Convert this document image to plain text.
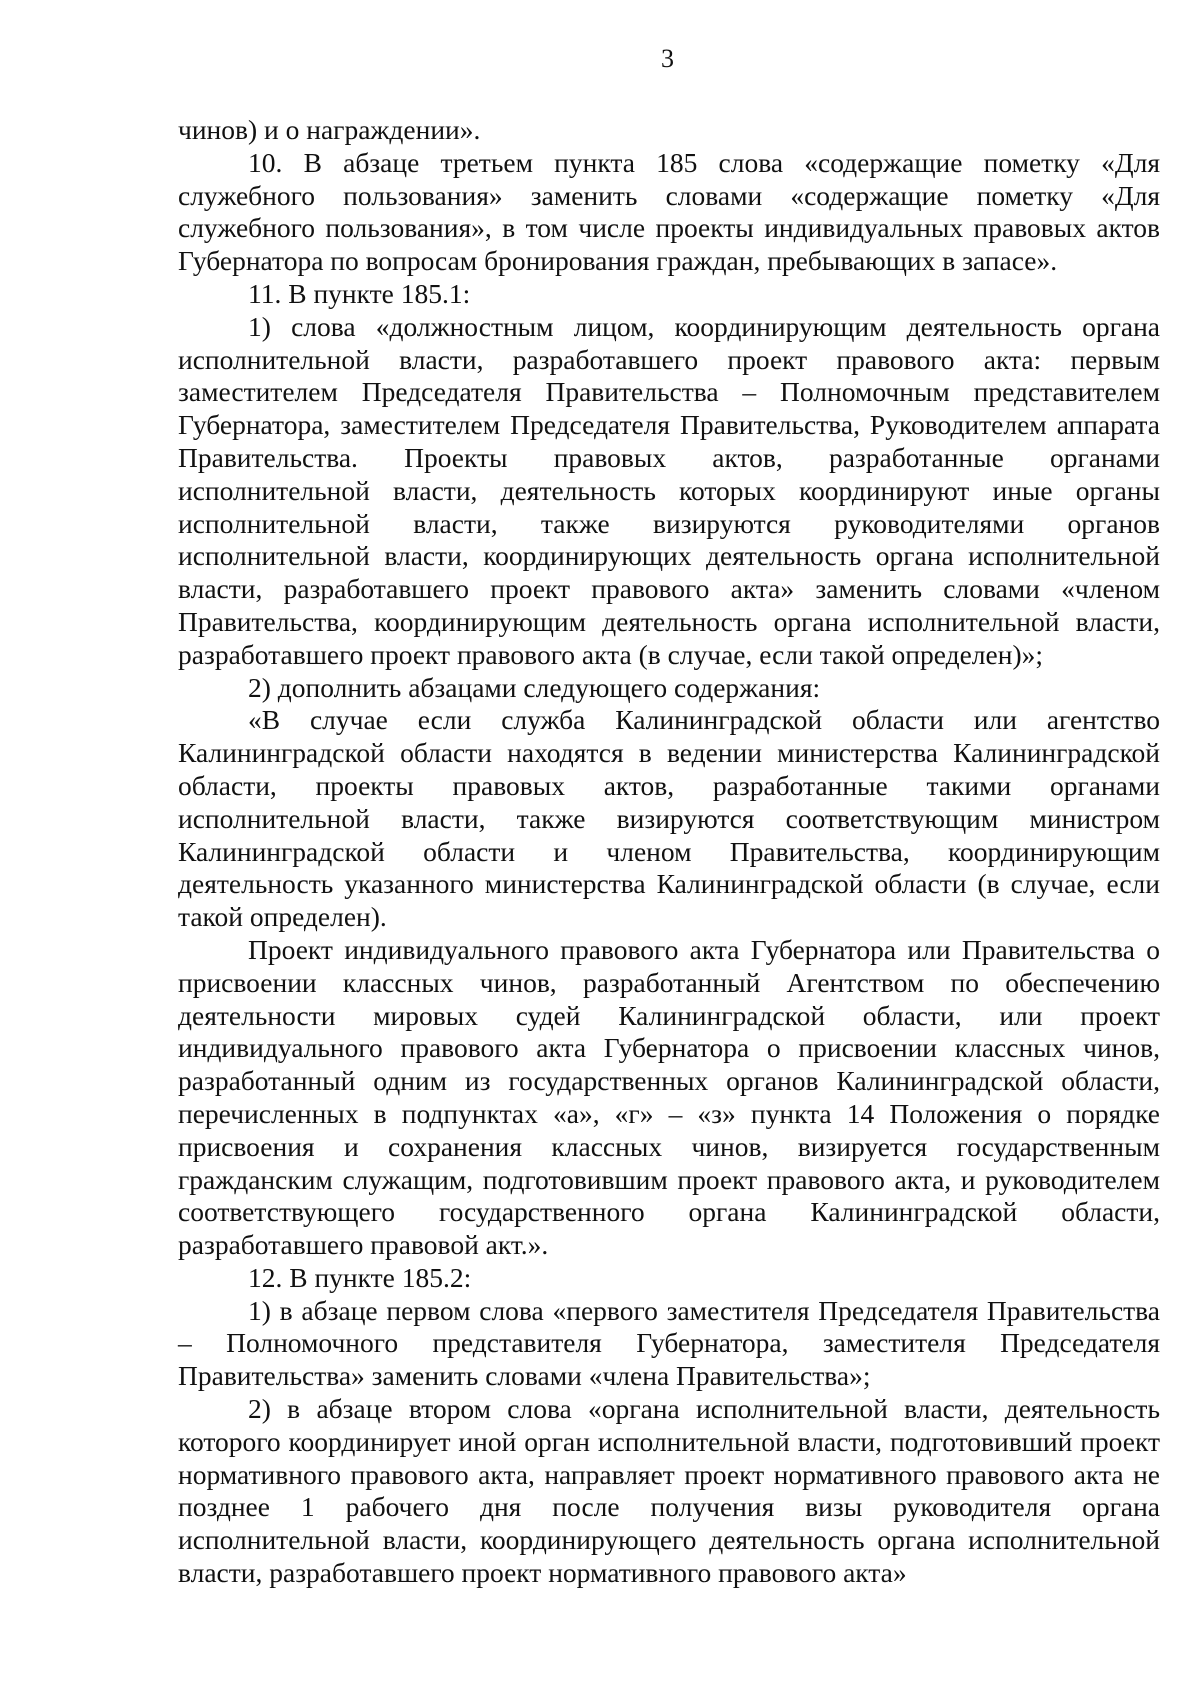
3

чинов) и о награждении».

10. В абзаце третьем пункта 185 слова «содержащие пометку «Для служебного пользования» заменить словами «содержащие пометку «Для служебного пользования», в том числе проекты индивидуальных правовых актов Губернатора по вопросам бронирования граждан, пребывающих в запасе».

11. В пункте 185.1:

1) слова «должностным лицом, координирующим деятельность органа исполнительной власти, разработавшего проект правового акта: первым заместителем Председателя Правительства – Полномочным представителем Губернатора, заместителем Председателя Правительства, Руководителем аппарата Правительства. Проекты правовых актов, разработанные органами исполнительной власти, деятельность которых координируют иные органы исполнительной власти, также визируются руководителями органов исполнительной власти, координирующих деятельность органа исполнительной власти, разработавшего проект правового акта» заменить словами «членом Правительства, координирующим деятельность органа исполнительной власти, разработавшего проект правового акта (в случае, если такой определен)»;

2) дополнить абзацами следующего содержания:

«В случае если служба Калининградской области или агентство Калининградской области находятся в ведении министерства Калининградской области, проекты правовых актов, разработанные такими органами исполнительной власти, также визируются соответствующим министром Калининградской области и членом Правительства, координирующим деятельность указанного министерства Калининградской области (в случае, если такой определен).

Проект индивидуального правового акта Губернатора или Правительства о присвоении классных чинов, разработанный Агентством по обеспечению деятельности мировых судей Калининградской области, или проект индивидуального правового акта Губернатора о присвоении классных чинов, разработанный одним из государственных органов Калининградской области, перечисленных в подпунктах «а», «г» – «з» пункта 14 Положения о порядке присвоения и сохранения классных чинов, визируется государственным гражданским служащим, подготовившим проект правового акта, и руководителем соответствующего государственного органа Калининградской области, разработавшего правовой акт.».

12. В пункте 185.2:

1) в абзаце первом слова «первого заместителя Председателя Правительства – Полномочного представителя Губернатора, заместителя Председателя Правительства» заменить словами «члена Правительства»;

2) в абзаце втором слова «органа исполнительной власти, деятельность которого координирует иной орган исполнительной власти, подготовивший проект нормативного правового акта, направляет проект нормативного правового акта не позднее 1 рабочего дня после получения визы руководителя органа исполнительной власти, координирующего деятельность органа исполнительной власти, разработавшего проект нормативного правового акта»
